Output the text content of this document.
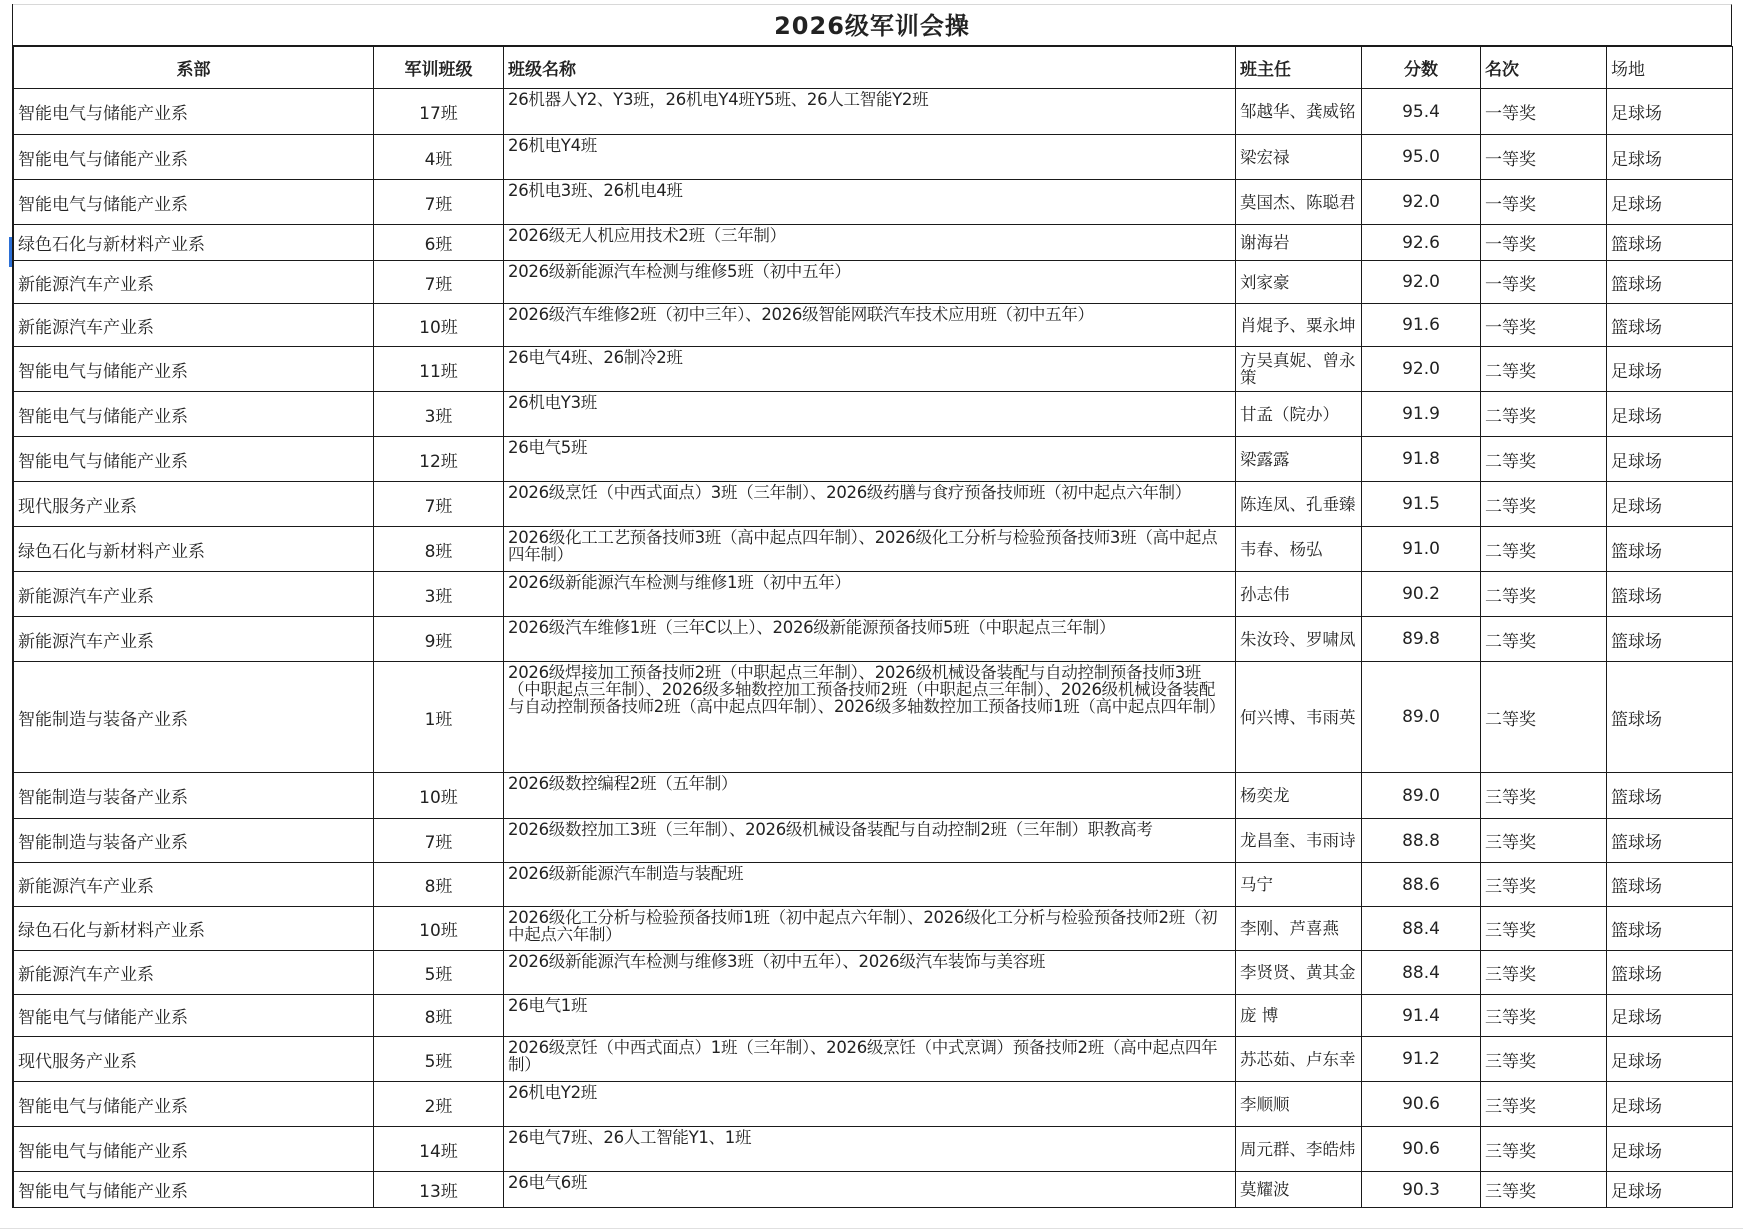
2026级军训会操
系部	军训班级	班级名称	班主任	分数	名次	场地
智能电气与储能产业系	17班	26机器人Y2、Y3班，26机电Y4班Y5班、26人工智能Y2班	邹越华、龚威铭	95.4	一等奖	足球场
智能电气与储能产业系	4班	26机电Y4班	梁宏禄	95.0	一等奖	足球场
智能电气与储能产业系	7班	26机电3班、26机电4班	莫国杰、陈聪君	92.0	一等奖	足球场
绿色石化与新材料产业系	6班	2026级无人机应用技术2班（三年制）	谢海岩	92.6	一等奖	篮球场
新能源汽车产业系	7班	2026级新能源汽车检测与维修5班（初中五年）	刘家豪	92.0	一等奖	篮球场
新能源汽车产业系	10班	2026级汽车维修2班（初中三年）、2026级智能网联汽车技术应用班（初中五年）	肖焜予、粟永坤	91.6	一等奖	篮球场
智能电气与储能产业系	11班	26电气4班、26制冷2班	方吴真妮、曾永策	92.0	二等奖	足球场
智能电气与储能产业系	3班	26机电Y3班	甘孟（院办）	91.9	二等奖	足球场
智能电气与储能产业系	12班	26电气5班	梁露露	91.8	二等奖	足球场
现代服务产业系	7班	2026级烹饪（中西式面点）3班（三年制）、2026级药膳与食疗预备技师班（初中起点六年制）	陈连凤、孔垂臻	91.5	二等奖	足球场
绿色石化与新材料产业系	8班	2026级化工工艺预备技师3班（高中起点四年制）、2026级化工分析与检验预备技师3班（高中起点四年制）	韦春、杨弘	91.0	二等奖	篮球场
新能源汽车产业系	3班	2026级新能源汽车检测与维修1班（初中五年）	孙志伟	90.2	二等奖	篮球场
新能源汽车产业系	9班	2026级汽车维修1班（三年C以上）、2026级新能源预备技师5班（中职起点三年制）	朱汝玲、罗啸凤	89.8	二等奖	篮球场
智能制造与装备产业系	1班	2026级焊接加工预备技师2班（中职起点三年制）、2026级机械设备装配与自动控制预备技师3班（中职起点三年制）、2026级多轴数控加工预备技师2班（中职起点三年制）、2026级机械设备装配与自动控制预备技师2班（高中起点四年制）、2026级多轴数控加工预备技师1班（高中起点四年制）	何兴博、韦雨英	89.0	二等奖	篮球场
智能制造与装备产业系	10班	2026级数控编程2班（五年制）	杨奕龙	89.0	三等奖	篮球场
智能制造与装备产业系	7班	2026级数控加工3班（三年制）、2026级机械设备装配与自动控制2班（三年制）职教高考	龙昌奎、韦雨诗	88.8	三等奖	篮球场
新能源汽车产业系	8班	2026级新能源汽车制造与装配班	马宁	88.6	三等奖	篮球场
绿色石化与新材料产业系	10班	2026级化工分析与检验预备技师1班（初中起点六年制）、2026级化工分析与检验预备技师2班（初中起点六年制）	李刚、芦喜燕	88.4	三等奖	篮球场
新能源汽车产业系	5班	2026级新能源汽车检测与维修3班（初中五年）、2026级汽车装饰与美容班	李贤贤、黄其金	88.4	三等奖	篮球场
智能电气与储能产业系	8班	26电气1班	庞 博	91.4	三等奖	足球场
现代服务产业系	5班	2026级烹饪（中西式面点）1班（三年制）、2026级烹饪（中式烹调）预备技师2班（高中起点四年制）	苏芯茹、卢东幸	91.2	三等奖	足球场
智能电气与储能产业系	2班	26机电Y2班	李顺顺	90.6	三等奖	足球场
智能电气与储能产业系	14班	26电气7班、26人工智能Y1、1班	周元群、李皓炜	90.6	三等奖	足球场
智能电气与储能产业系	13班	26电气6班	莫耀波	90.3	三等奖	足球场
